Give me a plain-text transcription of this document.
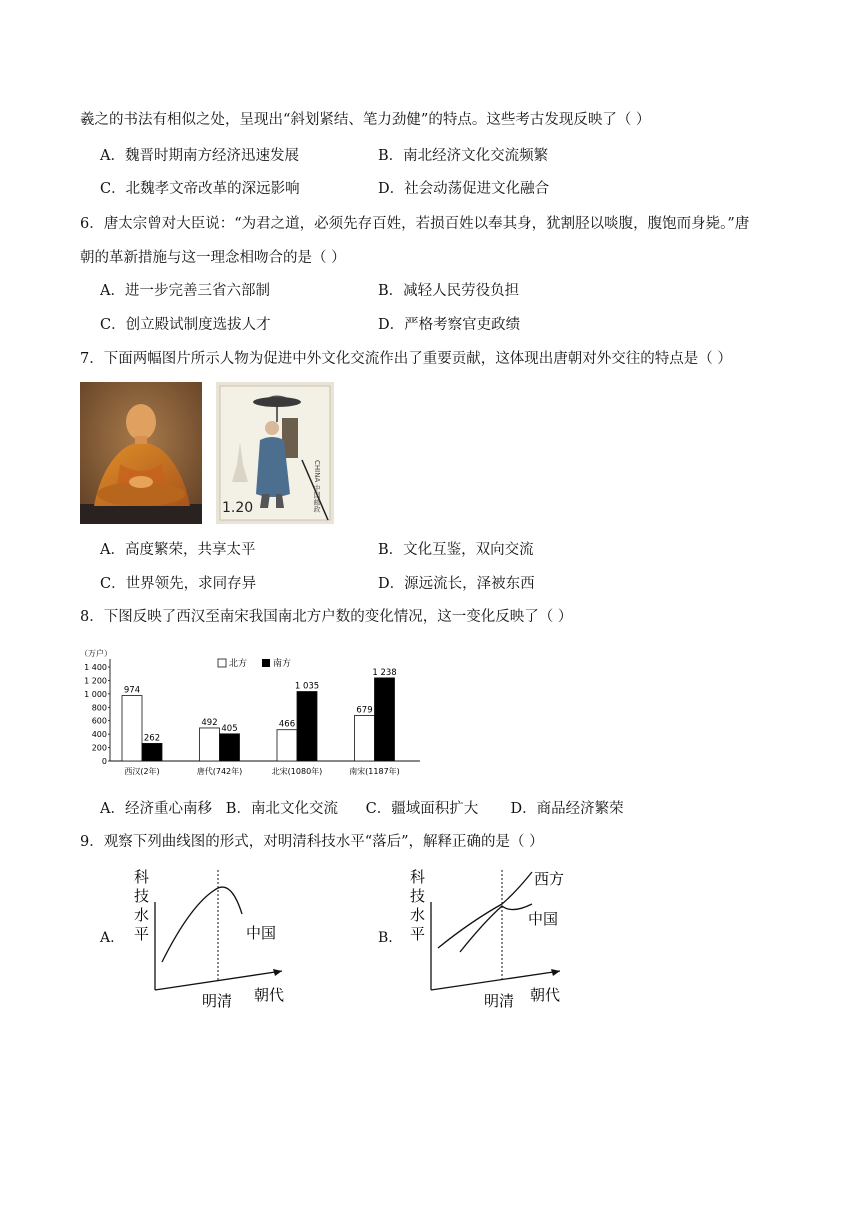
羲之的书法有相似之处，呈现出“斜划紧结、笔力劲健”的特点。这些考古发现反映了（ ）
A．魏晋时期南方经济迅速发展	B．南北经济文化交流频繁
C．北魏孝文帝改革的深远影响	D．社会动荡促进文化融合
6．唐太宗曾对大臣说：“为君之道，必须先存百姓，若损百姓以奉其身，犹割胫以啖腹，腹饱而身毙。”唐
朝的革新措施与这一理念相吻合的是（ ）
A．进一步完善三省六部制	B．减轻人民劳役负担
C．创立殿试制度选拔人才	D．严格考察官吏政绩
7．下面两幅图片所示人物为促进中外文化交流作出了重要贡献，这体现出唐朝对外交往的特点是（ ）
1.20	CHINA 中国邮政
A．高度繁荣，共享太平	B．文化互鉴，双向交流
C．世界领先，求同存异	D．源远流长，泽被东西
8．下图反映了西汉至南宋我国南北方户数的变化情况，这一变化反映了（ ）
（万户）
0
200
400
600
800
1 000
1 200
1 400	北方	南方
974
262
西汉(2年)
492
405
唐代(742年)
466
1 035
北宋(1080年)
679
1 238
南宋(1187年)
A．经济重心南移   B．南北文化交流      C．疆域面积扩大       D．商品经济繁荣
9．观察下列曲线图的形式，对明清科技水平“落后”，解释正确的是（ ）
A.
科技水平	中国
明清 朝代
B.
科技水平
西方
中国
明清 朝代
